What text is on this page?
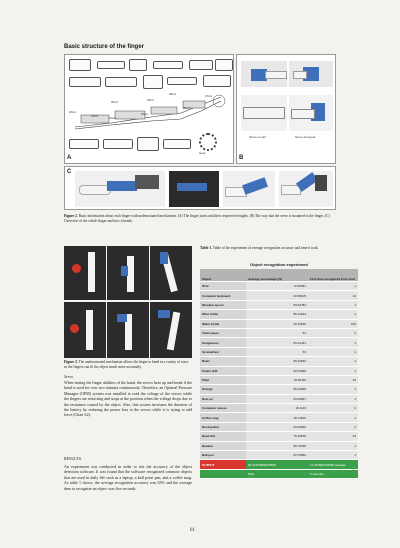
Basic structure of the finger
35mm
25mm
28mm
15mm
20mm
25mm
15mm
25mm
30mm
Gear
A
Servo mount	Servo and gear
B
C
Figure 2. Basic information about each finger with underactuated mechanism. (A) The finger joints and their respective lengths. (B) The way that the servo is mounted to the finger. (C) Overview of the whole finger and how it bends.
Figure 3. The underactuated mechanism allows the finger to bend in a variety of ways so the fingers can fit the object much more accurately.
Servo
When testing the finger abilities of the hand, the servos heat up and break if the hand is used for over two minutes continuously. Therefore, an Optimal Pressure Manager (OPM) system was installed to read the voltage of the servos while the fingers are retracting and stops at the position when the voltage drops due to the resistance caused by the object. Also, this system increases the duration of the battery by reducing the power loss to the servos while it is trying to add force (Chart S2).
RESULTS.
An experiment was conducted in order to test the accuracy of the object detection software. It was found that the software recognized common objects that are used in daily life such as a laptop, a ball point pen, and a coffee mug. As table 1 shows, the average recognition accuracy was 63% and the average time to recognize an object was five seconds.
Table 1. Table of the experiment of average recognition accuracy and time it took.
Object recognition experiment
Object	Average percentage (%)	First time recognized from start
iPod	72.56051	1
Computer keyboard	20.58105	12
Wooden spoon	83.64783	1
Wine bottle	85.13244	1
Water bottle	35.15625	150
Toilet paper	51	2
Sunglasses	83.12441	1
Screwdriver	53	1
Ruler	96.24816	1
Power drill	92.51999	1
Plate	16.66116	15
Orange	86.20696	1
Note pc	53.06667	1
Computer mouse	18.1129	2
Coffee mug	60.11602	1
Book jacket	23.49066	2
Band Aid	75.45878	23
Banana	99.70238	1
Ball pen	60.75849	1
OUTPUT	63.31230381637889	11.473684210526 average
	63%	5 seconds
61
